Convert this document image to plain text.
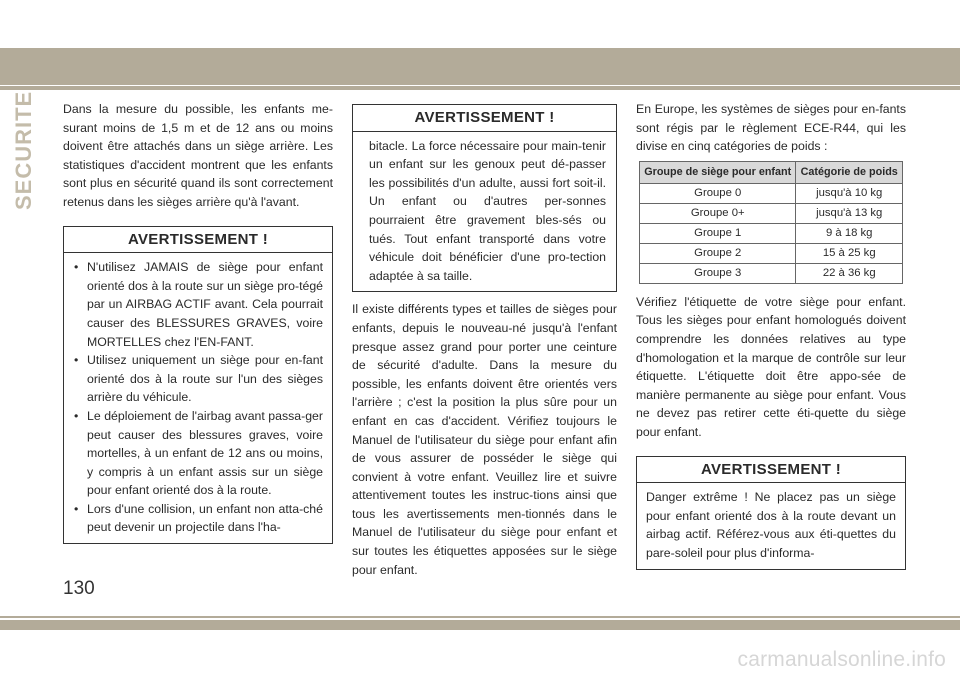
SECURITE Dans la mesure du possible, les enfants me-surant moins de 1,5 m et de 12 ans ou moins doivent être attachés dans un siège arrière. Les statistiques d'accident montrent que les enfants sont plus en sécurité quand ils sont correctement retenus dans les sièges arrière qu'à l'avant.

AVERTISSEMENT !
• N'utilisez JAMAIS de siège pour enfant orienté dos à la route sur un siège pro-tégé par un AIRBAG ACTIF avant. Cela pourrait causer des BLESSURES GRAVES, voire MORTELLES chez l'EN-FANT.
• Utilisez uniquement un siège pour en-fant orienté dos à la route sur l'un des sièges arrière du véhicule.
• Le déploiement de l'airbag avant passa-ger peut causer des blessures graves, voire mortelles, à un enfant de 12 ans ou moins, y compris à un enfant assis sur un siège pour enfant orienté dos à la route.
• Lors d'une collision, un enfant non atta-ché peut devenir un projectile dans l'ha-
AVERTISSEMENT !

bitacle. La force nécessaire pour main-tenir un enfant sur les genoux peut dé-passer les possibilités d'un adulte, aussi fort soit-il. Un enfant ou d'autres per-sonnes pourraient être gravement bles-sés ou tués. Tout enfant transporté dans votre véhicule doit bénéficier d'une pro-tection adaptée à sa taille.

Il existe différents types et tailles de sièges pour enfants, depuis le nouveau-né jusqu'à l'enfant presque assez grand pour porter une ceinture de sécurité d'adulte. Dans la mesure du possible, les enfants doivent être orientés vers l'arrière ; c'est la position la plus sûre pour un enfant en cas d'accident. Vérifiez toujours le Manuel de l'utilisateur du siège pour enfant afin de vous assurer de posséder le siège qui convient à votre enfant. Veuillez lire et suivre attentivement toutes les instruc-tions ainsi que tous les avertissements men-tionnés dans le Manuel de l'utilisateur du siège pour enfant et sur toutes les étiquettes apposées sur le siège pour enfant.

En Europe, les systèmes de sièges pour en-fants sont régis par le règlement ECE-R44, qui les divise en cinq catégories de poids :

Groupe de siège pour enfant	Catégorie de poids
Groupe 0	jusqu'à 10 kg
Groupe 0+	jusqu'à 13 kg
Groupe 1	9 à 18 kg
Groupe 2	15 à 25 kg
Groupe 3	22 à 36 kg

Vérifiez l'étiquette de votre siège pour enfant. Tous les sièges pour enfant homologués doivent comprendre les données relatives au type d'homologation et la marque de contrôle sur leur étiquette. L'étiquette doit être appo-sée de manière permanente au siège pour enfant. Vous ne devez pas retirer cette éti-quette du siège pour enfant.

AVERTISSEMENT !

Danger extrême ! Ne placez pas un siège pour enfant orienté dos à la route devant un airbag actif. Référez-vous aux éti-quettes du pare-soleil pour plus d'informa-

130
carmanualsonline.info
